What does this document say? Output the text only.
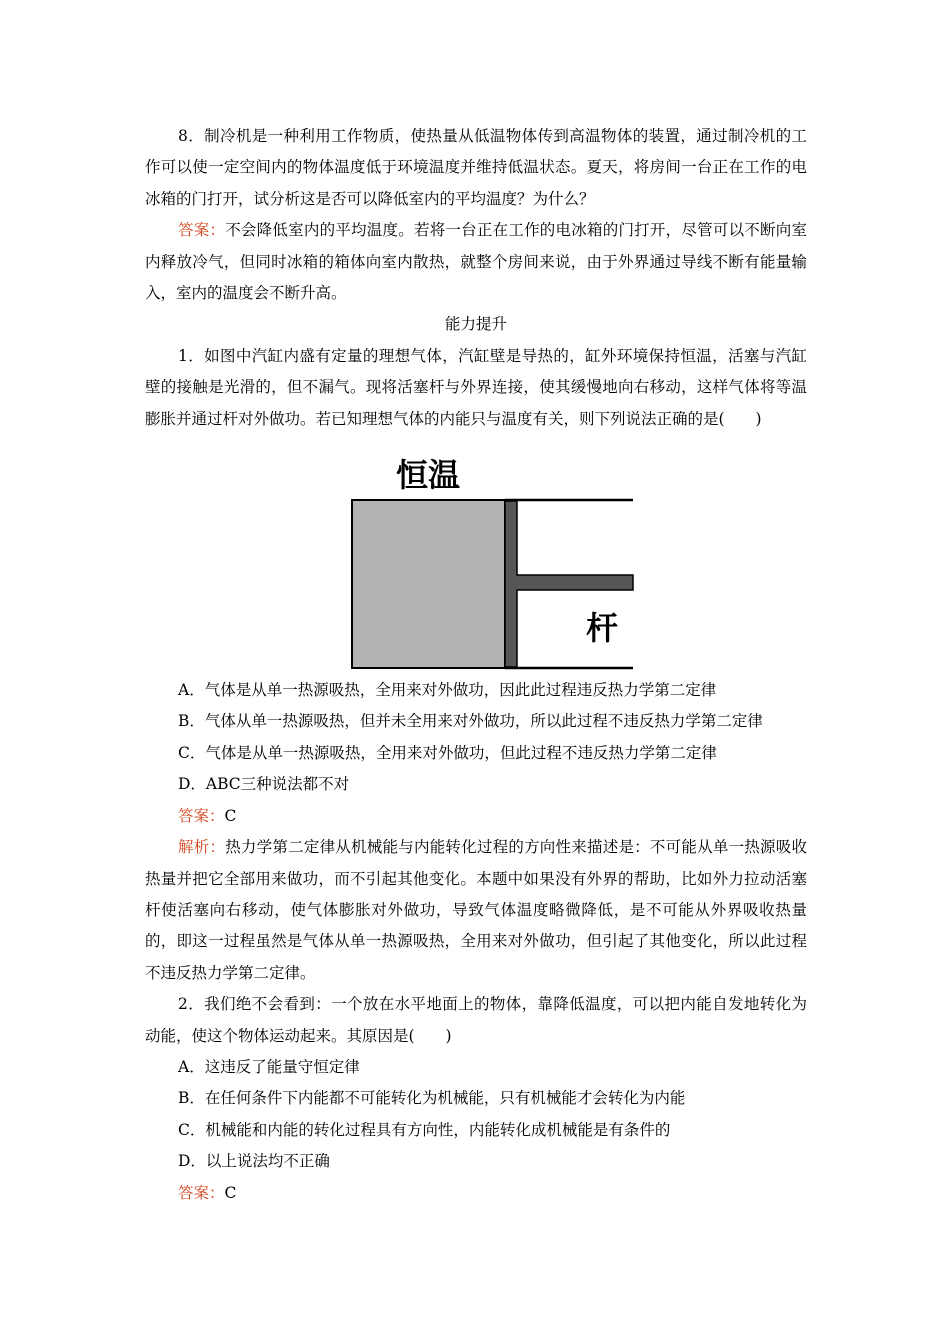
8．制冷机是一种利用工作物质，使热量从低温物体传到高温物体的装置，通过制冷机的工作可以使一定空间内的物体温度低于环境温度并维持低温状态。夏天，将房间一台正在工作的电冰箱的门打开，试分析这是否可以降低室内的平均温度？为什么？

答案：不会降低室内的平均温度。若将一台正在工作的电冰箱的门打开，尽管可以不断向室内释放冷气，但同时冰箱的箱体向室内散热，就整个房间来说，由于外界通过导线不断有能量输入，室内的温度会不断升高。

能力提升

1．如图中汽缸内盛有定量的理想气体，汽缸壁是导热的，缸外环境保持恒温，活塞与汽缸壁的接触是光滑的，但不漏气。现将活塞杆与外界连接，使其缓慢地向右移动，这样气体将等温膨胀并通过杆对外做功。若已知理想气体的内能只与温度有关，则下列说法正确的是(　　)

恒温
杆

A．气体是从单一热源吸热，全用来对外做功，因此此过程违反热力学第二定律

B．气体从单一热源吸热，但并未全用来对外做功，所以此过程不违反热力学第二定律

C．气体是从单一热源吸热，全用来对外做功，但此过程不违反热力学第二定律

D．ABC三种说法都不对

答案：C

解析：热力学第二定律从机械能与内能转化过程的方向性来描述是：不可能从单一热源吸收热量并把它全部用来做功，而不引起其他变化。本题中如果没有外界的帮助，比如外力拉动活塞杆使活塞向右移动，使气体膨胀对外做功，导致气体温度略微降低，是不可能从外界吸收热量的，即这一过程虽然是气体从单一热源吸热，全用来对外做功，但引起了其他变化，所以此过程不违反热力学第二定律。

2．我们绝不会看到：一个放在水平地面上的物体，靠降低温度，可以把内能自发地转化为动能，使这个物体运动起来。其原因是(　　)

A．这违反了能量守恒定律

B．在任何条件下内能都不可能转化为机械能，只有机械能才会转化为内能

C．机械能和内能的转化过程具有方向性，内能转化成机械能是有条件的

D．以上说法均不正确

答案：C
